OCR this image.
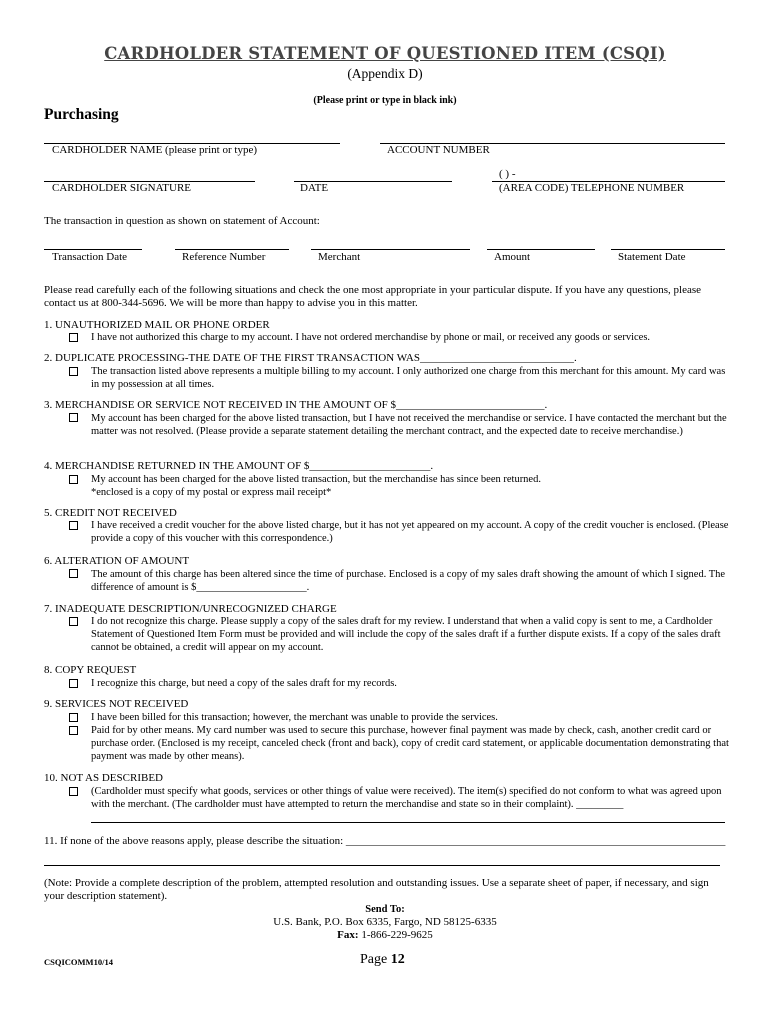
CARDHOLDER STATEMENT OF QUESTIONED ITEM (CSQI)
(Appendix D)
(Please print or type in black ink)
Purchasing
CARDHOLDER NAME (please print or type)	ACCOUNT NUMBER
( ) -
CARDHOLDER SIGNATURE	DATE	(AREA CODE) TELEPHONE NUMBER
The transaction in question as shown on statement of Account:
Transaction Date	Reference Number	Merchant	Amount	Statement Date
Please read carefully each of the following situations and check the one most appropriate in your particular dispute. If you have any questions, please contact us at 800-344-5696. We will be more than happy to advise you in this matter.
1. UNAUTHORIZED MAIL OR PHONE ORDER
I have not authorized this charge to my account. I have not ordered merchandise by phone or mail, or received any goods or services.
2. DUPLICATE PROCESSING-THE DATE OF THE FIRST TRANSACTION WAS____________________________.
The transaction listed above represents a multiple billing to my account. I only authorized one charge from this merchant for this amount. My card was in my possession at all times.
3. MERCHANDISE OR SERVICE NOT RECEIVED IN THE AMOUNT OF $___________________________.
My account has been charged for the above listed transaction, but I have not received the merchandise or service. I have contacted the merchant but the matter was not resolved. (Please provide a separate statement detailing the merchant contract, and the expected date to receive merchandise.)
4. MERCHANDISE RETURNED IN THE AMOUNT OF $______________________.
My account has been charged for the above listed transaction, but the merchandise has since been returned.
*enclosed is a copy of my postal or express mail receipt*
5. CREDIT NOT RECEIVED
I have received a credit voucher for the above listed charge, but it has not yet appeared on my account. A copy of the credit voucher is enclosed. (Please provide a copy of this voucher with this correspondence.)
6. ALTERATION OF AMOUNT
The amount of this charge has been altered since the time of purchase. Enclosed is a copy of my sales draft showing the amount of which I signed. The difference of amount is $_____________________.
7. INADEQUATE DESCRIPTION/UNRECOGNIZED CHARGE
I do not recognize this charge. Please supply a copy of the sales draft for my review. I understand that when a valid copy is sent to me, a Cardholder Statement of Questioned Item Form must be provided and will include the copy of the sales draft if a further dispute exists. If a copy of the sales draft cannot be obtained, a credit will appear on my account.
8. COPY REQUEST
I recognize this charge, but need a copy of the sales draft for my records.
9. SERVICES NOT RECEIVED
I have been billed for this transaction; however, the merchant was unable to provide the services.
Paid for by other means. My card number was used to secure this purchase, however final payment was made by check, cash, another credit card or purchase order. (Enclosed is my receipt, canceled check (front and back), copy of credit card statement, or applicable documentation demonstrating that payment was made by other means).
10. NOT AS DESCRIBED
(Cardholder must specify what goods, services or other things of value were received). The item(s) specified do not conform to what was agreed upon with the merchant. (The cardholder must have attempted to return the merchandise and state so in their complaint). _________
11. If none of the above reasons apply, please describe the situation: _____________________________________________________________________
(Note: Provide a complete description of the problem, attempted resolution and outstanding issues. Use a separate sheet of paper, if necessary, and sign your description statement).
Send To:
U.S. Bank, P.O. Box 6335, Fargo, ND 58125-6335
Fax: 1-866-229-9625
CSQICOMM10/14	Page 12
